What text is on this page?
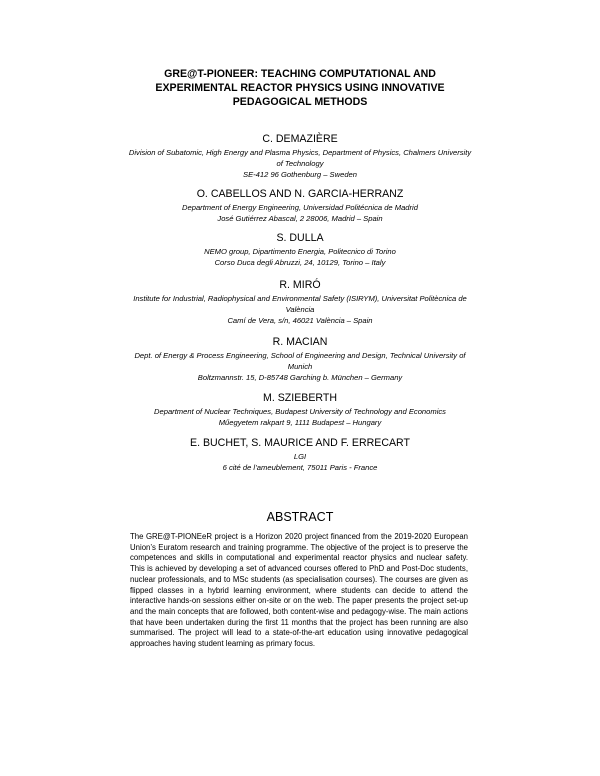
GRE@T-PIONEER: TEACHING COMPUTATIONAL AND
EXPERIMENTAL REACTOR PHYSICS USING INNOVATIVE
PEDAGOGICAL METHODS
C. DEMAZIÈRE
Division of Subatomic, High Energy and Plasma Physics, Department of Physics, Chalmers University
of Technology
SE-412 96 Gothenburg – Sweden
O. CABELLOS AND N. GARCIA-HERRANZ
Department of Energy Engineering, Universidad Politécnica de Madrid
José Gutiérrez Abascal, 2 28006, Madrid – Spain
S. DULLA
NEMO group, Dipartimento Energia, Politecnico di Torino
Corso Duca degli Abruzzi, 24, 10129, Torino – Italy
R. MIRÓ
Institute for Industrial, Radiophysical and Environmental Safety (ISIRYM), Universitat Politècnica de
València
Camí de Vera, s/n, 46021 València – Spain
R. MACIAN
Dept. of Energy & Process Engineering, School of Engineering and Design, Technical University of
Munich
Boltzmannstr. 15, D-85748 Garching b. München – Germany
M. SZIEBERTH
Department of Nuclear Techniques, Budapest University of Technology and Economics
Műegyetem rakpart 9, 1111 Budapest – Hungary
E. BUCHET, S. MAURICE AND F. ERRECART
LGI
6 cité de l’ameublement, 75011 Paris - France
ABSTRACT
The GRE@T-PIONEeR project is a Horizon 2020 project financed from the 2019-2020 European Union’s Euratom research and training programme. The objective of the project is to preserve the competences and skills in computational and experimental reactor physics and nuclear safety. This is achieved by developing a set of advanced courses offered to PhD and Post-Doc students, nuclear professionals, and to MSc students (as specialisation courses). The courses are given as flipped classes in a hybrid learning environment, where students can decide to attend the interactive hands-on sessions either on-site or on the web. The paper presents the project set-up and the main concepts that are followed, both content-wise and pedagogy-wise. The main actions that have been undertaken during the first 11 months that the project has been running are also summarised. The project will lead to a state-of-the-art education using innovative pedagogical approaches having student learning as primary focus.
